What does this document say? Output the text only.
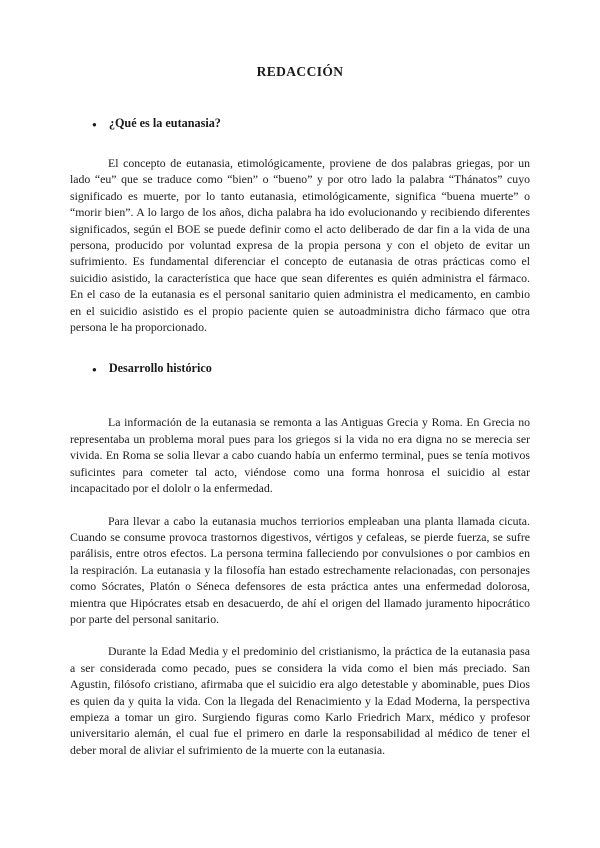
REDACCIÓN
● ¿Qué es la eutanasia?

El concepto de eutanasia, etimológicamente, proviene de dos palabras griegas, por un lado “eu” que se traduce como “bien” o “bueno” y por otro lado la palabra “Thánatos” cuyo significado es muerte, por lo tanto eutanasia, etimológicamente, significa “buena muerte” o “morir bien”. A lo largo de los años, dicha palabra ha ido evolucionando y recibiendo diferentes significados, según el BOE se puede definir como el acto deliberado de dar fin a la vida de una persona, producido por voluntad expresa de la propia persona y con el objeto de evitar un sufrimiento. Es fundamental diferenciar el concepto de eutanasia de otras prácticas como el suicidio asistido, la característica que hace que sean diferentes es quién administra el fármaco. En el caso de la eutanasia es el personal sanitario quien administra el medicamento, en cambio en el suicidio asistido es el propio paciente quien se autoadministra dicho fármaco que otra persona le ha proporcionado.

● Desarrollo histórico

La información de la eutanasia se remonta a las Antiguas Grecia y Roma. En Grecia no representaba un problema moral pues para los griegos si la vida no era digna no se merecia ser vivida. En Roma se solia llevar a cabo cuando había un enfermo terminal, pues se tenía motivos suficintes para cometer tal acto, viéndose como una forma honrosa el suicidio al estar incapacitado por el dololr o la enfermedad.

Para llevar a cabo la eutanasia muchos terriorios empleaban una planta llamada cicuta. Cuando se consume provoca trastornos digestivos, vértigos y cefaleas, se pierde fuerza, se sufre parálisis, entre otros efectos. La persona termina falleciendo por convulsiones o por cambios en la respiración. La eutanasia y la filosofía han estado estrechamente relacionadas, con personajes como Sócrates, Platón o Séneca defensores de esta práctica antes una enfermedad dolorosa, mientra que Hipócrates etsab en desacuerdo, de ahí el origen del llamado juramento hipocrático por parte del personal sanitario.

Durante la Edad Media y el predominio del cristianismo, la práctica de la eutanasia pasa a ser considerada como pecado, pues se considera la vida como el bien más preciado. San Agustin, filósofo cristiano, afirmaba que el suicidio era algo detestable y abominable, pues Dios es quien da y quita la vida. Con la llegada del Renacimiento y la Edad Moderna, la perspectiva empieza a tomar un giro. Surgiendo figuras como Karlo Friedrich Marx, médico y profesor universitario alemán, el cual fue el primero en darle la responsabilidad al médico de tener el deber moral de aliviar el sufrimiento de la muerte con la eutanasia.
